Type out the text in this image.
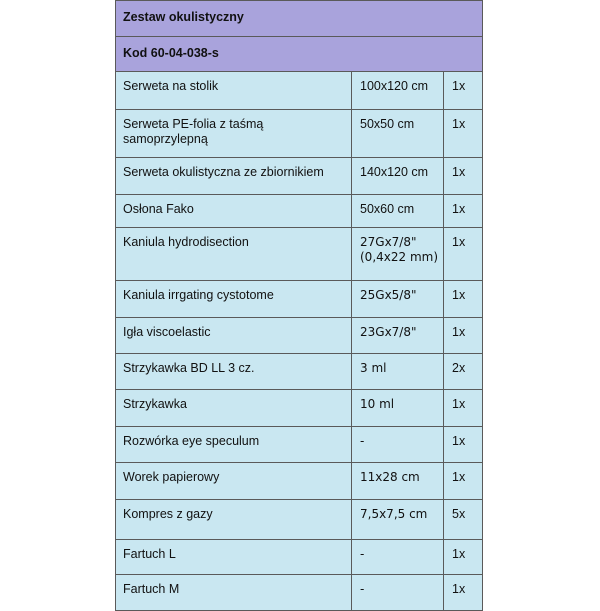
Zestaw okulistyczny		
Kod 60-04-038-s		
Serweta na stolik	100x120 cm	1x
Serweta PE-folia z taśmą samoprzylepną	50x50 cm	1x
Serweta okulistyczna ze zbiornikiem	140x120 cm	1x
Osłona Fako	50x60 cm	1x
Kaniula hydrodisection	27Gx7/8" (0,4x22 mm)	1x
Kaniula irrgating cystotome	25Gx5/8"	1x
Igła viscoelastic	23Gx7/8"	1x
Strzykawka BD LL 3 cz.	3 ml	2x
Strzykawka	10 ml	1x
Rozwórka eye speculum	-	1x
Worek papierowy	11x28 cm	1x
Kompres z gazy	7,5x7,5 cm	5x
Fartuch L	-	1x
Fartuch M	-	1x
